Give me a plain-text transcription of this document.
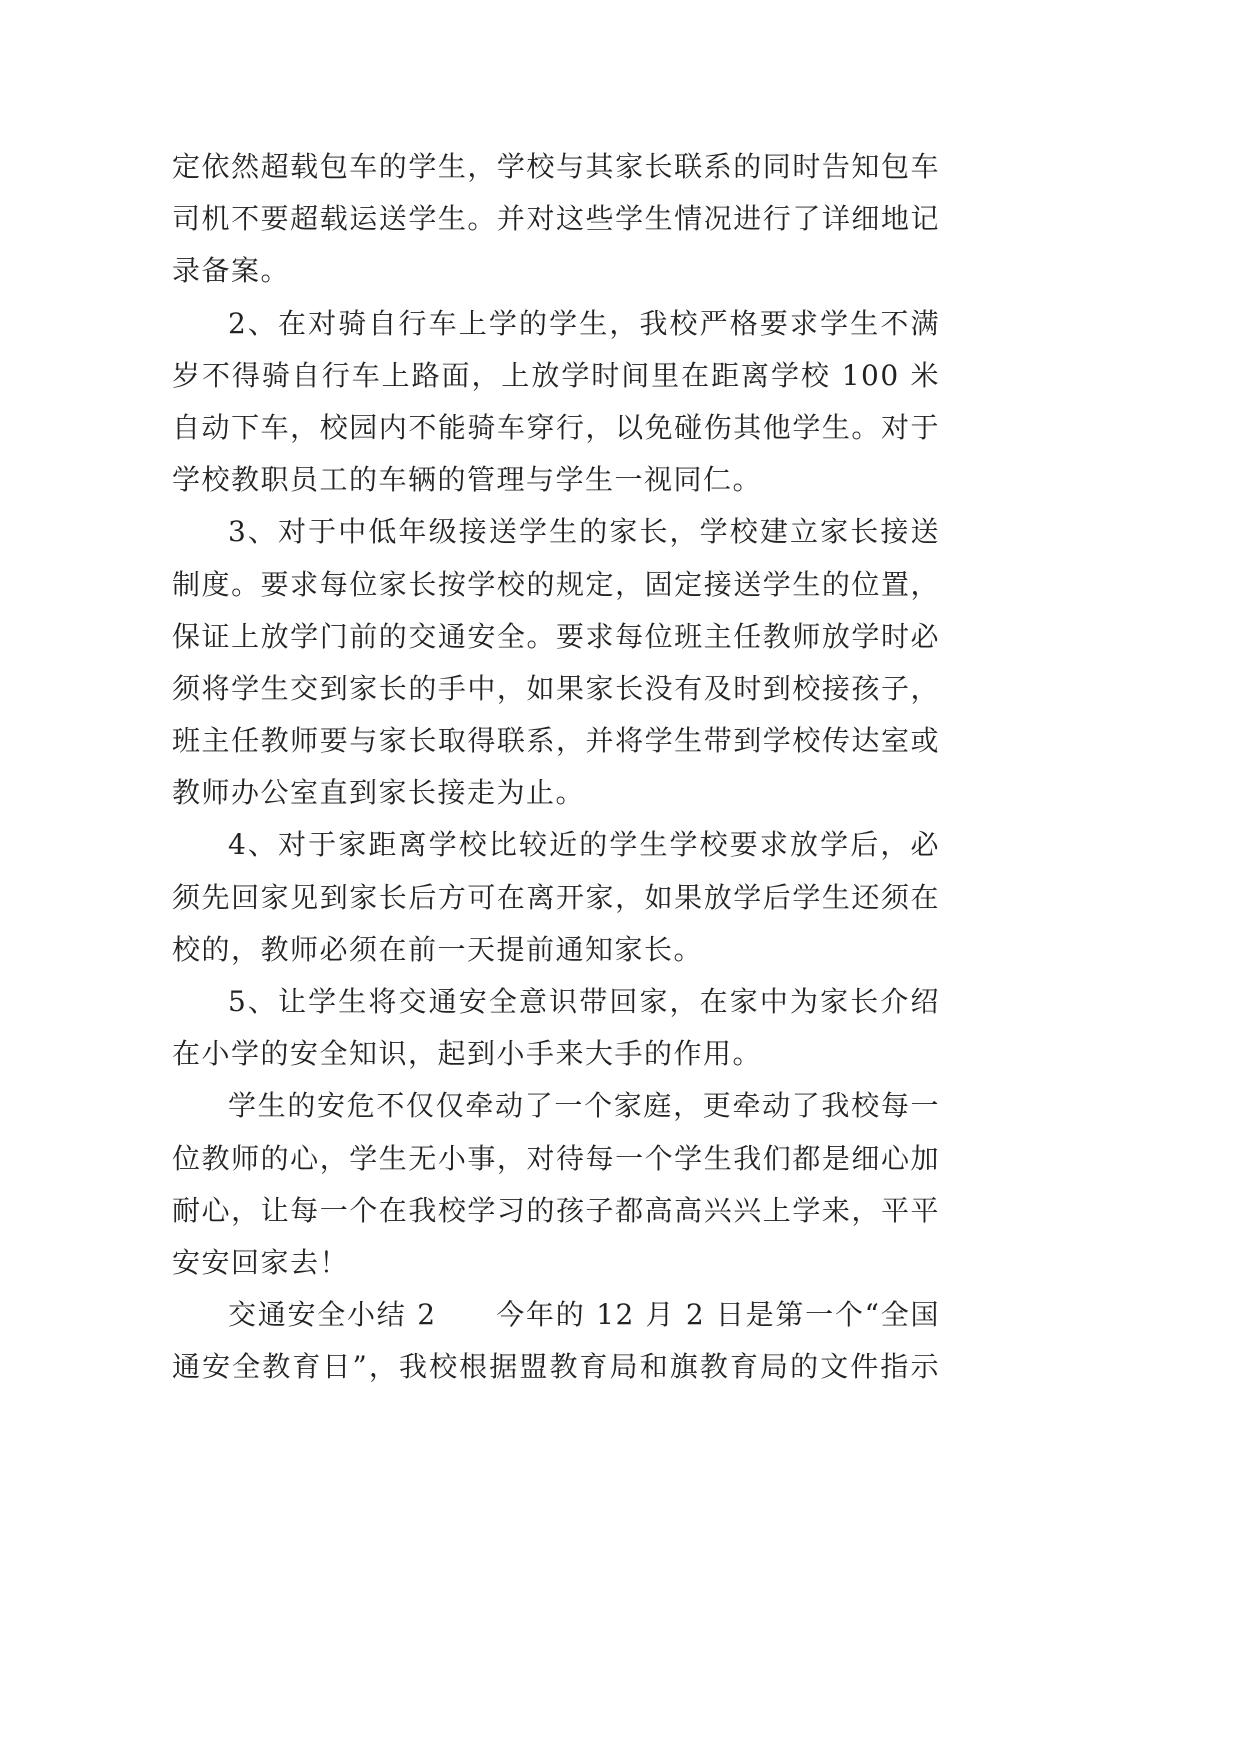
定依然超载包车的学生，学校与其家长联系的同时告知包车
司机不要超载运送学生。并对这些学生情况进行了详细地记
录备案。
2、在对骑自行车上学的学生，我校严格要求学生不满
岁不得骑自行车上路面，上放学时间里在距离学校 100 米
自动下车，校园内不能骑车穿行，以免碰伤其他学生。对于
学校教职员工的车辆的管理与学生一视同仁。
3、对于中低年级接送学生的家长，学校建立家长接送
制度。要求每位家长按学校的规定，固定接送学生的位置，
保证上放学门前的交通安全。要求每位班主任教师放学时必
须将学生交到家长的手中，如果家长没有及时到校接孩子，
班主任教师要与家长取得联系，并将学生带到学校传达室或
教师办公室直到家长接走为止。
4、对于家距离学校比较近的学生学校要求放学后，必
须先回家见到家长后方可在离开家，如果放学后学生还须在
校的，教师必须在前一天提前通知家长。
5、让学生将交通安全意识带回家，在家中为家长介绍
在小学的安全知识，起到小手来大手的作用。
学生的安危不仅仅牵动了一个家庭，更牵动了我校每一
位教师的心，学生无小事，对待每一个学生我们都是细心加
耐心，让每一个在我校学习的孩子都高高兴兴上学来，平平
安安回家去！
交通安全小结 2　　今年的 12 月 2 日是第一个“全国
通安全教育日”，我校根据盟教育局和旗教育局的文件指示
